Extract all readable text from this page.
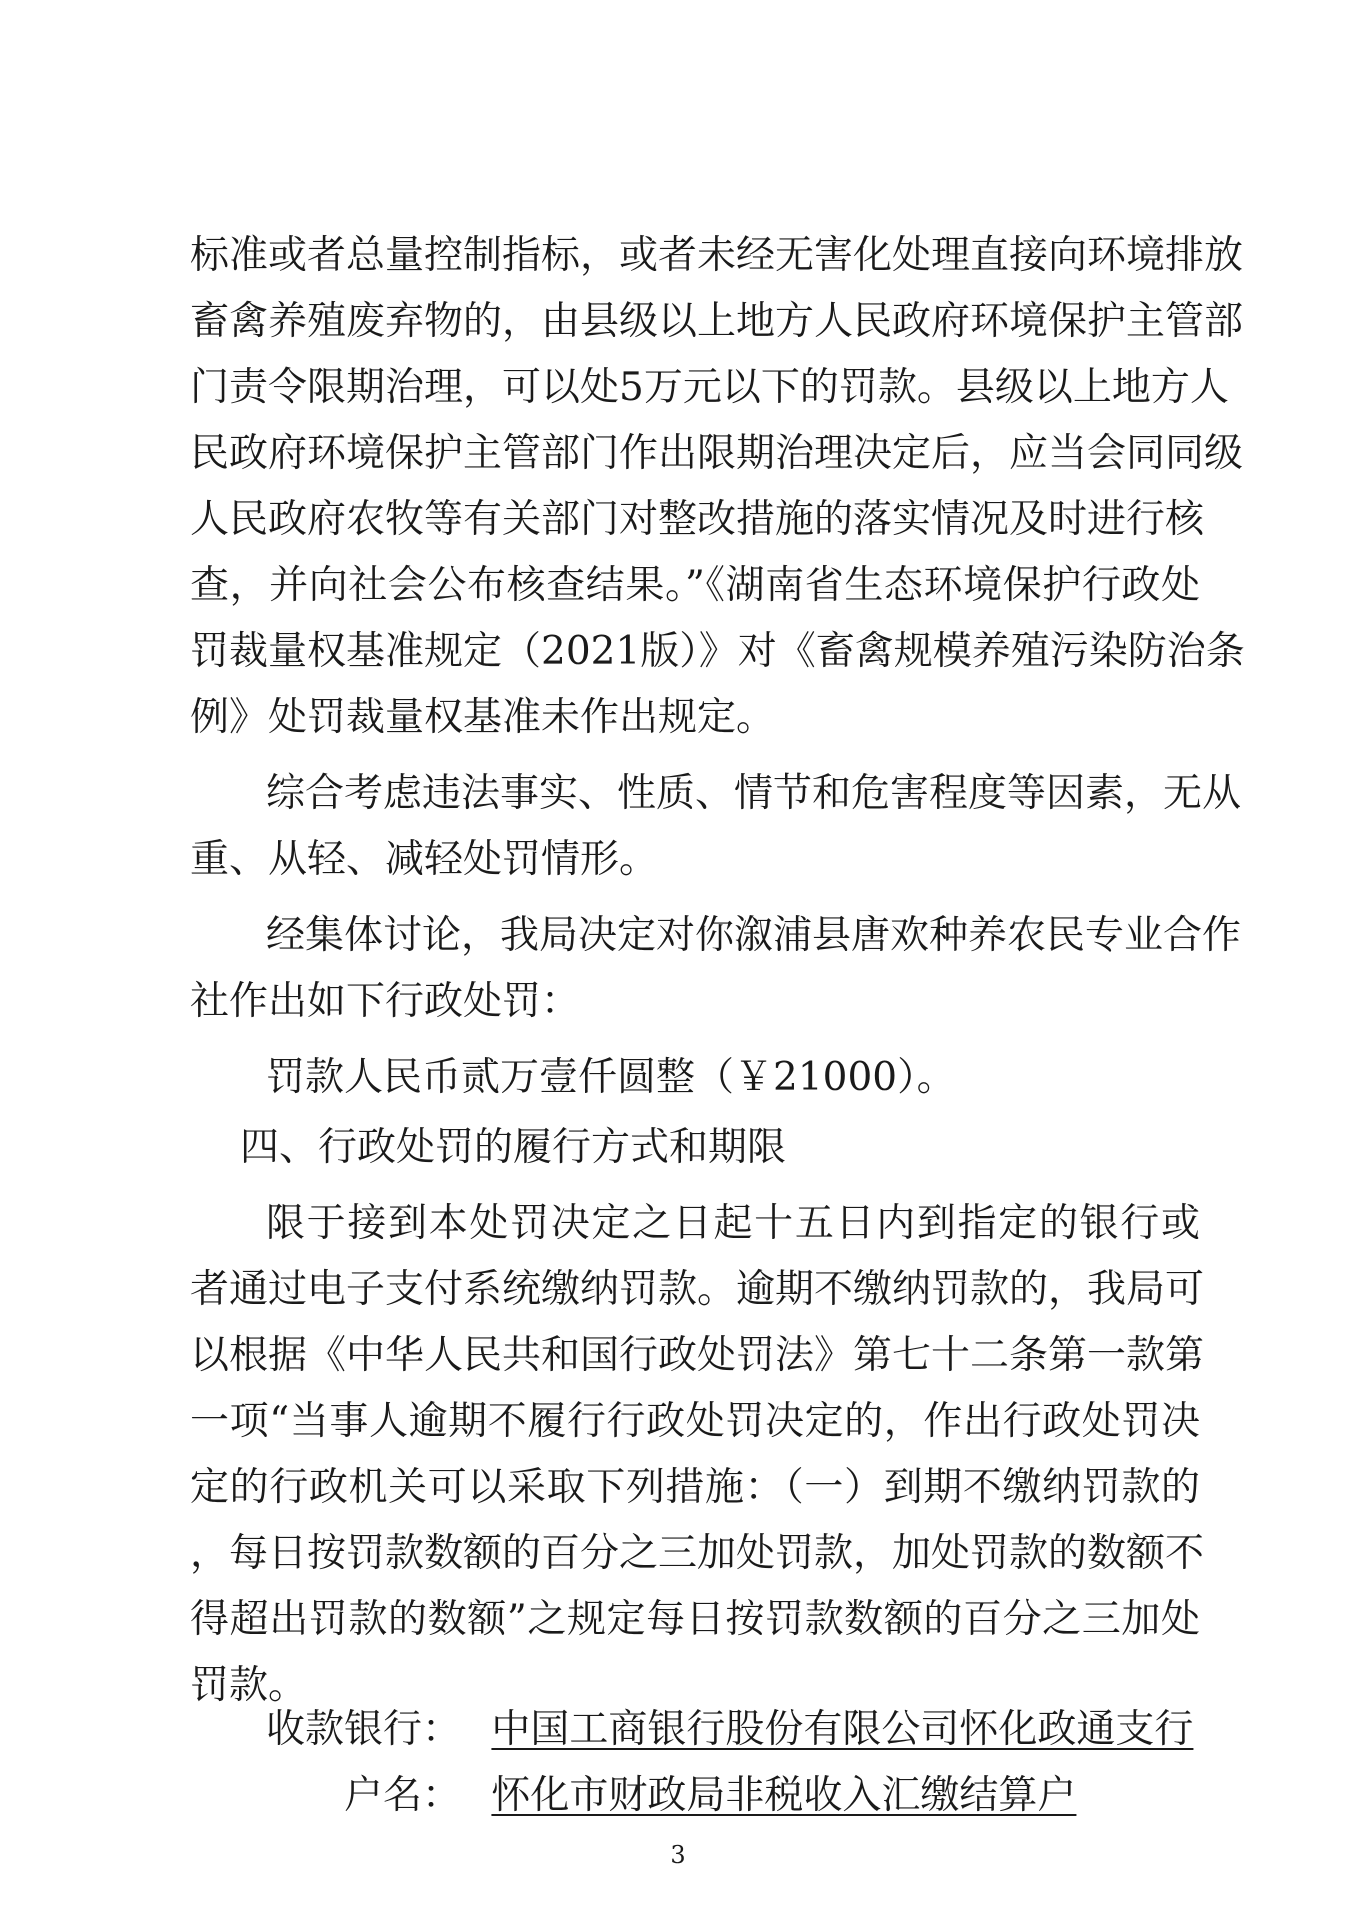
标准或者总量控制指标，或者未经无害化处理直接向环境排放
畜禽养殖废弃物的，由县级以上地方人民政府环境保护主管部
门责令限期治理，可以处5万元以下的罚款。县级以上地方人
民政府环境保护主管部门作出限期治理决定后，应当会同同级
人民政府农牧等有关部门对整改措施的落实情况及时进行核
查，并向社会公布核查结果。”《湖南省生态环境保护行政处
罚裁量权基准规定（2021版）》对《畜禽规模养殖污染防治条
例》处罚裁量权基准未作出规定。
综合考虑违法事实、性质、情节和危害程度等因素，无从
重、从轻、减轻处罚情形。
经集体讨论，我局决定对你溆浦县唐欢种养农民专业合作
社作出如下行政处罚：
罚款人民币贰万壹仟圆整（￥21000）。
四、行政处罚的履行方式和期限
限于接到本处罚决定之日起十五日内到指定的银行或
者通过电子支付系统缴纳罚款。逾期不缴纳罚款的，我局可
以根据《中华人民共和国行政处罚法》第七十二条第一款第
一项“当事人逾期不履行行政处罚决定的，作出行政处罚决
定的行政机关可以采取下列措施：（一）到期不缴纳罚款的
，每日按罚款数额的百分之三加处罚款，加处罚款的数额不
得超出罚款的数额”之规定每日按罚款数额的百分之三加处
罚款。
收款银行： 中国工商银行股份有限公司怀化政通支行
户名： 怀化市财政局非税收入汇缴结算户
3
